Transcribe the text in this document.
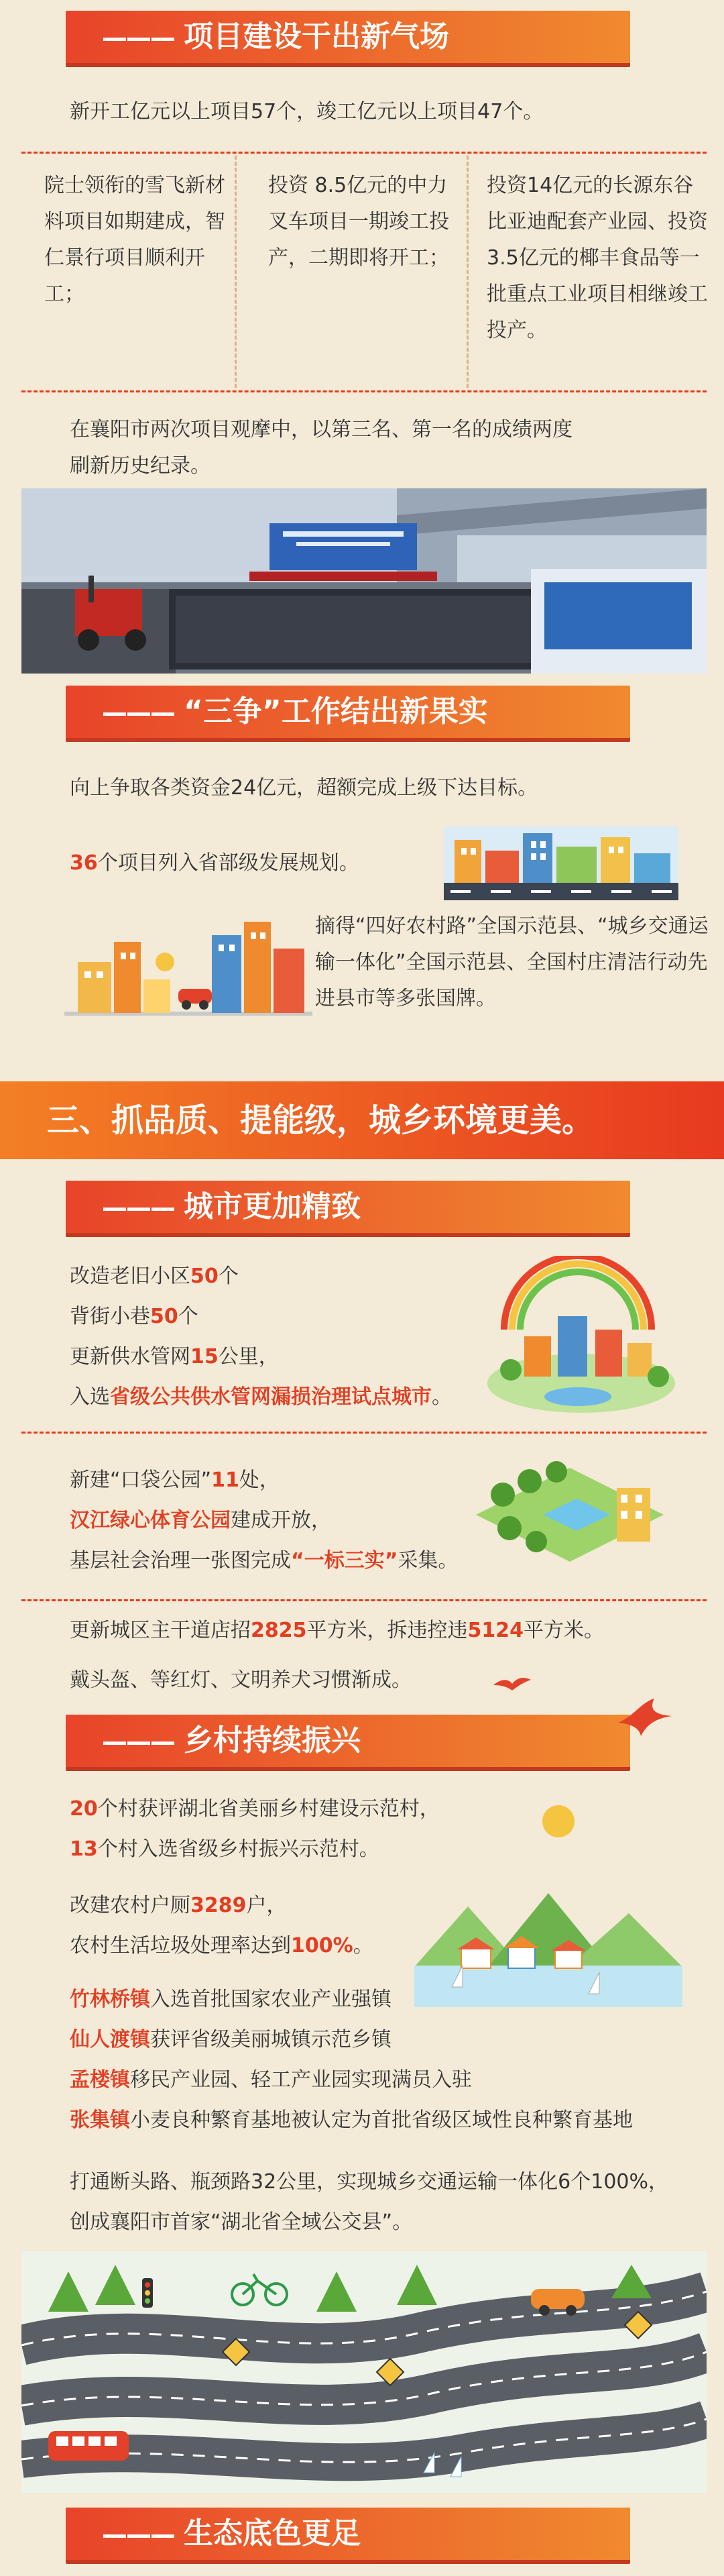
——— 项目建设干出新气场
新开工亿元以上项目57个，竣工亿元以上项目47个。
院士领衔的雪飞新材料项目如期建成，智仁景行项目顺利开工；
投资 8.5亿元的中力叉车项目一期竣工投产，二期即将开工；
投资14亿元的长源东谷比亚迪配套产业园、投资3.5亿元的椰丰食品等一批重点工业项目相继竣工投产。
在襄阳市两次项目观摩中，以第三名、第一名的成绩两度刷新历史纪录。
——— “三争”工作结出新果实
向上争取各类资金24亿元，超额完成上级下达目标。
36个项目列入省部级发展规划。
摘得“四好农村路”全国示范县、“城乡交通运输一体化”全国示范县、全国村庄清洁行动先进县市等多张国牌。
三、抓品质、提能级，城乡环境更美。
——— 城市更加精致
改造老旧小区50个
背街小巷50个
更新供水管网15公里，
入选省级公共供水管网漏损治理试点城市。
新建“口袋公园”11处，
汉江绿心体育公园建成开放，
基层社会治理一张图完成“一标三实”采集。
更新城区主干道店招2825平方米，拆违控违5124平方米。
戴头盔、等红灯、文明养犬习惯渐成。
——— 乡村持续振兴
20个村获评湖北省美丽乡村建设示范村，
13个村入选省级乡村振兴示范村。
改建农村户厕3289户，
农村生活垃圾处理率达到100%。
竹林桥镇入选首批国家农业产业强镇
仙人渡镇获评省级美丽城镇示范乡镇
孟楼镇移民产业园、轻工产业园实现满员入驻
张集镇小麦良种繁育基地被认定为首批省级区域性良种繁育基地
打通断头路、瓶颈路32公里，实现城乡交通运输一体化6个100%，
创成襄阳市首家“湖北省全域公交县”。
——— 生态底色更足
